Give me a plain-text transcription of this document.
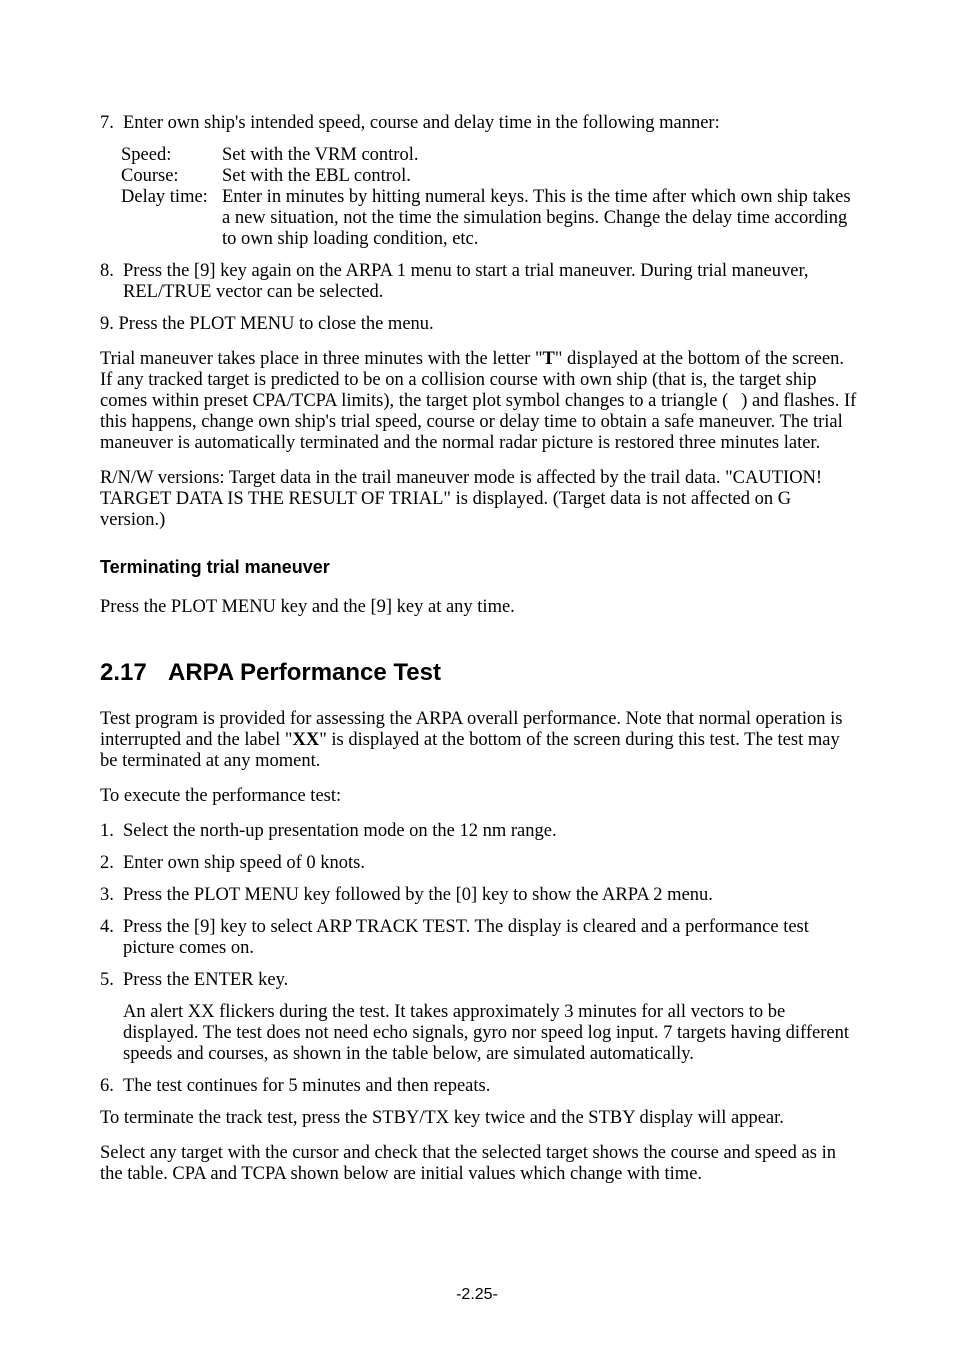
7. Enter own ship's intended speed, course and delay time in the following manner:

Speed:	Set with the VRM control.
Course:	Set with the EBL control.
Delay time: Enter in minutes by hitting numeral keys. This is the time after which own ship takes a new situation, not the time the simulation begins. Change the delay time according to own ship loading condition, etc.
8. Press the [9] key again on the ARPA 1 menu to start a trial maneuver. During trial maneuver, REL/TRUE vector can be selected.

9. Press the PLOT MENU to close the menu.

Trial maneuver takes place in three minutes with the letter "T" displayed at the bottom of the screen. If any tracked target is predicted to be on a collision course with own ship (that is, the target ship comes within preset CPA/TCPA limits), the target plot symbol changes to a triangle ( ) and flashes. If this happens, change own ship's trial speed, course or delay time to obtain a safe maneuver. The trial maneuver is automatically terminated and the normal radar picture is restored three minutes later.

R/N/W versions: Target data in the trail maneuver mode is affected by the trail data. "CAUTION! TARGET DATA IS THE RESULT OF TRIAL" is displayed. (Target data is not affected on G version.)

Terminating trial maneuver

Press the PLOT MENU key and the [9] key at any time.

2.17 ARPA Performance Test

Test program is provided for assessing the ARPA overall performance. Note that normal operation is interrupted and the label "XX" is displayed at the bottom of the screen during this test. The test may be terminated at any moment.

To execute the performance test:

1. Select the north-up presentation mode on the 12 nm range.

2. Enter own ship speed of 0 knots.

3. Press the PLOT MENU key followed by the [0] key to show the ARPA 2 menu.

4. Press the [9] key to select ARP TRACK TEST. The display is cleared and a performance test picture comes on.

5. Press the ENTER key.

An alert XX flickers during the test. It takes approximately 3 minutes for all vectors to be displayed. The test does not need echo signals, gyro nor speed log input. 7 targets having different speeds and courses, as shown in the table below, are simulated automatically.

6. The test continues for 5 minutes and then repeats.

To terminate the track test, press the STBY/TX key twice and the STBY display will appear.

Select any target with the cursor and check that the selected target shows the course and speed as in the table. CPA and TCPA shown below are initial values which change with time.

-2.25-
